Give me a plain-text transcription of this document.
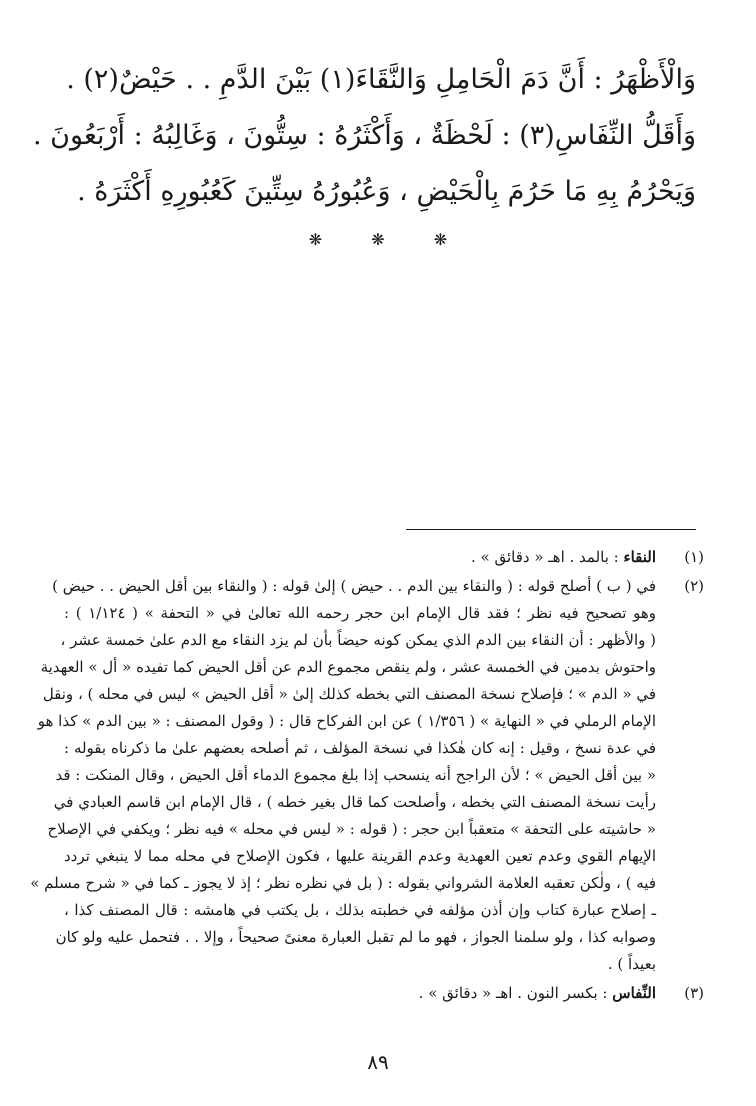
وَالْأَظْهَرُ : أَنَّ دَمَ الْحَامِلِ وَالنَّقَاءَ(١) بَيْنَ الدَّمِ . . حَيْضٌ(٢) .
وَأَقَلُّ النِّفَاسِ(٣) : لَحْظَةٌ ، وَأَكْثَرُهُ : سِتُّونَ ، وَغَالِبُهُ : أَرْبَعُونَ .
وَيَحْرُمُ بِهِ مَا حَرُمَ بِالْحَيْضِ ، وَعُبُورُهُ سِتِّينَ كَعُبُورِهِ أَكْثَرَهُ .
❋ ❋ ❋
(١)
النقاء : بالمد . اهـ « دقائق » .
(٢)
في ( ب ) أصلح قوله : ( والنقاء بين الدم . . حيض ) إلىٰ قوله : ( والنقاء بين أقل الحيض . . حيض )
وهو تصحيح فيه نظر ؛ فقد قال الإمام ابن حجر رحمه الله تعالىٰ في « التحفة » ( ١/١٢٤ ) :
( والأظهر : أن النقاء بين الدم الذي يمكن كونه حيضاً بأن لم يزد النقاء مع الدم علىٰ خمسة عشر ،
واحتوش بدمين في الخمسة عشر ، ولم ينقص مجموع الدم عن أقل الحيض كما تفيده « أل » العهدية
في « الدم » ؛ فإصلاح نسخة المصنف التي بخطه كذلك إلىٰ « أقل الحيض » ليس في محله ) ، ونقل
الإمام الرملي في « النهاية » ( ١/٣٥٦ ) عن ابن الفركاح قال : ( وقول المصنف : « بين الدم » كذا هو
في عدة نسخ ، وقيل : إنه كان هٰكذا في نسخة المؤلف ، ثم أصلحه بعضهم علىٰ ما ذكرناه بقوله :
« بين أقل الحيض » ؛ لأن الراجح أنه ينسحب إذا بلغ مجموع الدماء أقل الحيض ، وقال المنكت : قد
رأيت نسخة المصنف التي بخطه ، وأصلحت كما قال بغير خطه ) ، قال الإمام ابن قاسم العبادي في
« حاشيته على التحفة » متعقباً ابن حجر : ( قوله : « ليس في محله » فيه نظر ؛ ويكفي في الإصلاح
الإيهام القوي وعدم تعين العهدية وعدم القرينة عليها ، فكون الإصلاح في محله مما لا ينبغي تردد
فيه ) ، ولٰكن تعقبه العلامة الشرواني بقوله : ( بل في نظره نظر ؛ إذ لا يجوز ـ كما في « شرح مسلم »
ـ إصلاح عبارة كتاب وإن أذن مؤلفه في خطبته بذلك ، بل يكتب في هامشه : قال المصنف كذا ،
وصوابه كذا ، ولو سلمنا الجواز ، فهو ما لم تقبل العبارة معنىً صحيحاً ، وإلا . . فتحمل عليه ولو كان
بعيداً ) .
(٣)
النِّفاس : بكسر النون . اهـ « دقائق » .
٨٩
